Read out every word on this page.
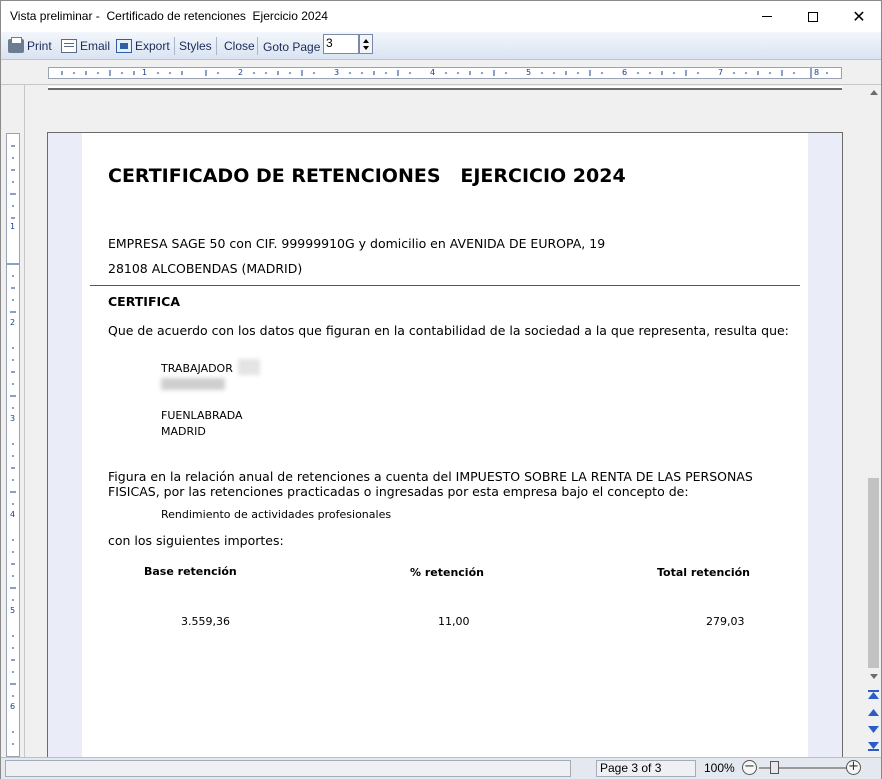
Vista preliminar -  Certificado de retenciones  Ejercicio 2024	✕
Print Email Export Styles Close Goto Page 3
1	2	3	4	5	6	7	8
1
2
3
4
5
6
CERTIFICADO DE RETENCIONES   EJERCICIO 2024
EMPRESA SAGE 50 con CIF. 99999910G y domicilio en AVENIDA DE EUROPA, 19
28108 ALCOBENDAS (MADRID)
CERTIFICA
Que de acuerdo con los datos que figuran en la contabilidad de la sociedad a la que representa, resulta que:
TRABAJADOR
FUENLABRADA
MADRID
Figura en la relación anual de retenciones a cuenta del IMPUESTO SOBRE LA RENTA DE LAS PERSONAS
FISICAS, por las retenciones practicadas o ingresadas por esta empresa bajo el concepto de:
Rendimiento de actividades profesionales
con los siguientes importes:
Base retención	% retención	Total retención
3.559,36	11,00	279,03
Page 3 of 3	100% −	+
